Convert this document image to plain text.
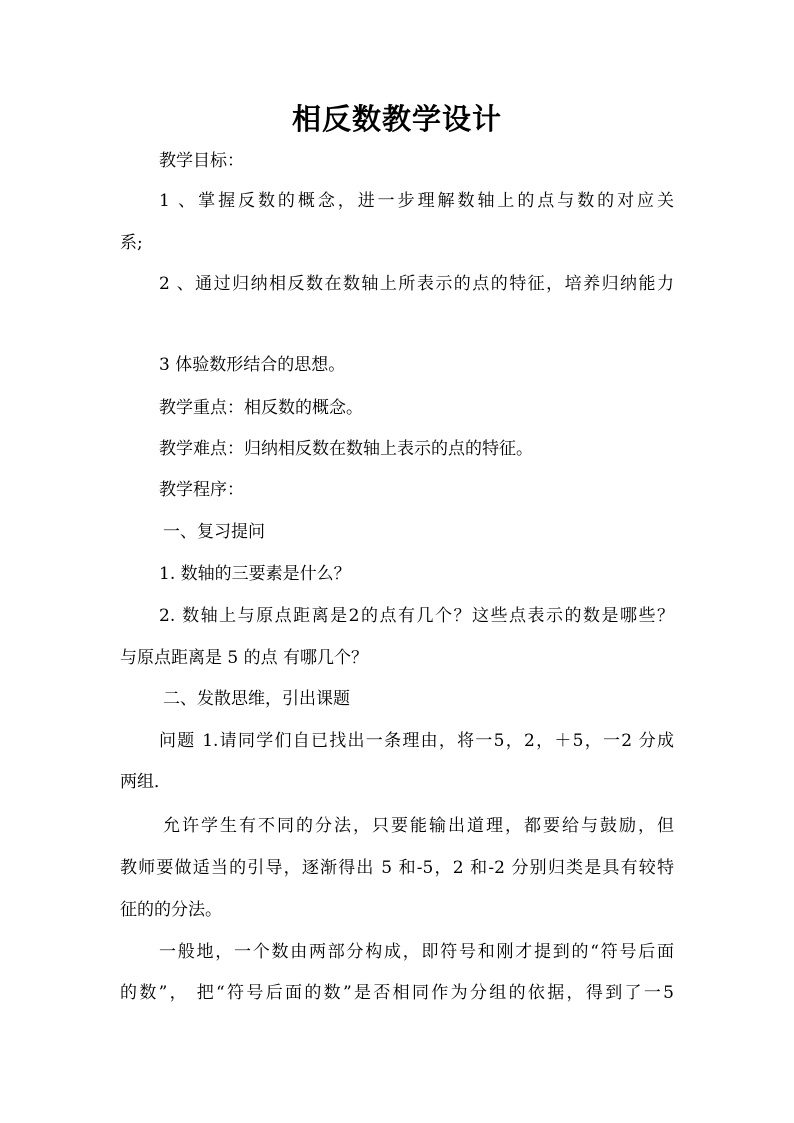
相反数教学设计
教学目标：
1 、掌握反数的概念，进一步理解数轴上的点与数的对应关
系;
2 、通过归纳相反数在数轴上所表示的点的特征，培养归纳能力
3 体验数形结合的思想。
教学重点：相反数的概念。
教学难点：归纳相反数在数轴上表示的点的特征。
教学程序：
一、复习提问
1. 数轴的三要素是什么？
2. 数轴上与原点距离是2的点有几个？这些点表示的数是哪些？
与原点距离是 5 的点 有哪几个？
二、发散思维，引出课题
问题 1.请同学们自已找出一条理由，将一5，2，＋5，一2 分成
两组．
允许学生有不同的分法，只要能输出道理，都要给与鼓励，但
教师要做适当的引导，逐渐得出 5 和-5，2 和-2 分别归类是具有较特
征的的分法。
一般地，一个数由两部分构成，即符号和刚才提到的“符号后面
的数”， 把“符号后面的数”是否相同作为分组的依据，得到了一5
